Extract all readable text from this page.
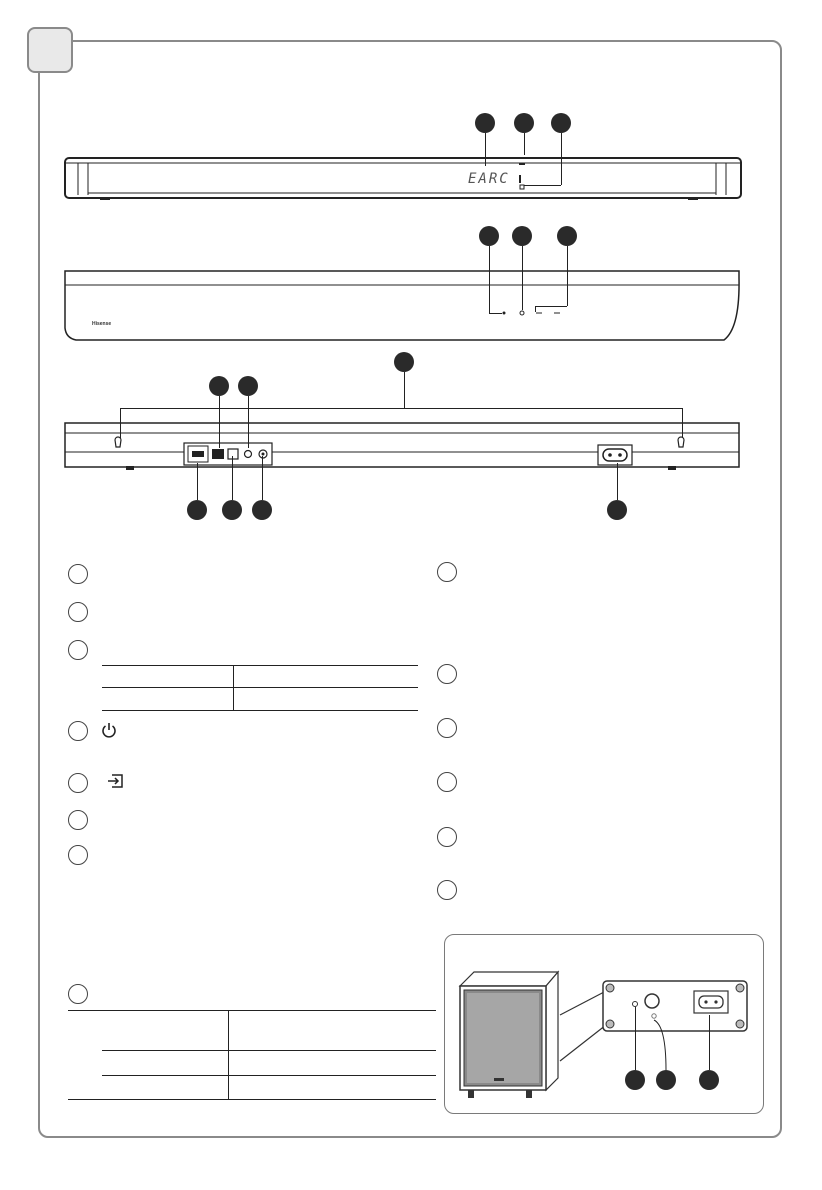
EARC
Hisense
